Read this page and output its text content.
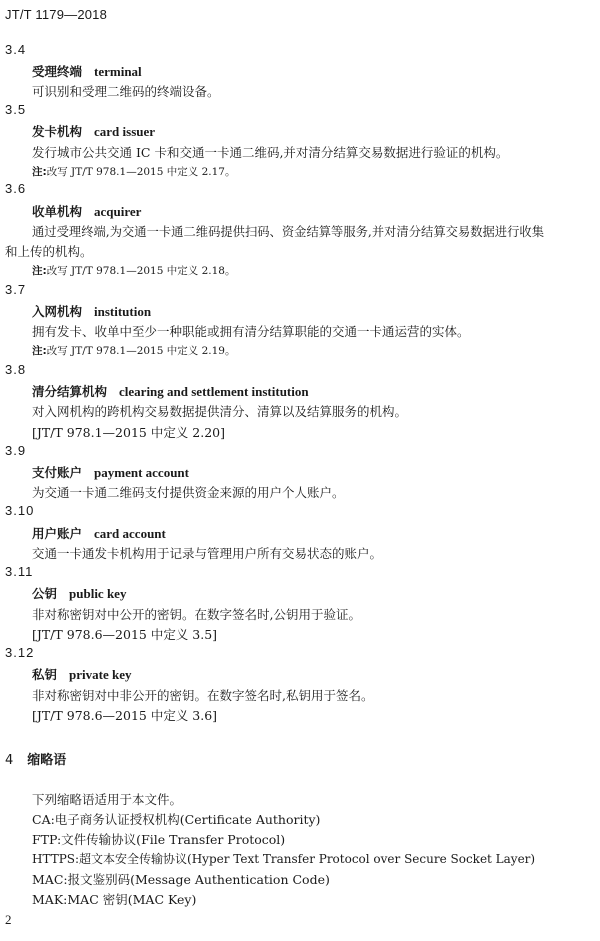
JT/T 1179—2018
3.4
受理终端 terminal
可识别和受理二维码的终端设备。
3.5
发卡机构 card issuer
发行城市公共交通 IC 卡和交通一卡通二维码,并对清分结算交易数据进行验证的机构。
注:改写 JT/T 978.1—2015 中定义 2.17。
3.6
收单机构 acquirer
通过受理终端,为交通一卡通二维码提供扫码、资金结算等服务,并对清分结算交易数据进行收集
和上传的机构。
注:改写 JT/T 978.1—2015 中定义 2.18。
3.7
入网机构 institution
拥有发卡、收单中至少一种职能或拥有清分结算职能的交通一卡通运营的实体。
注:改写 JT/T 978.1—2015 中定义 2.19。
3.8
清分结算机构 clearing and settlement institution
对入网机构的跨机构交易数据提供清分、清算以及结算服务的机构。
[JT/T 978.1—2015 中定义 2.20]
3.9
支付账户 payment account
为交通一卡通二维码支付提供资金来源的用户个人账户。
3.10
用户账户 card account
交通一卡通发卡机构用于记录与管理用户所有交易状态的账户。
3.11
公钥 public key
非对称密钥对中公开的密钥。在数字签名时,公钥用于验证。
[JT/T 978.6—2015 中定义 3.5]
3.12
私钥 private key
非对称密钥对中非公开的密钥。在数字签名时,私钥用于签名。
[JT/T 978.6—2015 中定义 3.6]
4 缩略语
下列缩略语适用于本文件。
CA:电子商务认证授权机构(Certificate Authority)
FTP:文件传输协议(File Transfer Protocol)
HTTPS:超文本安全传输协议(Hyper Text Transfer Protocol over Secure Socket Layer)
MAC:报文鉴别码(Message Authentication Code)
MAK:MAC 密钥(MAC Key)
2
